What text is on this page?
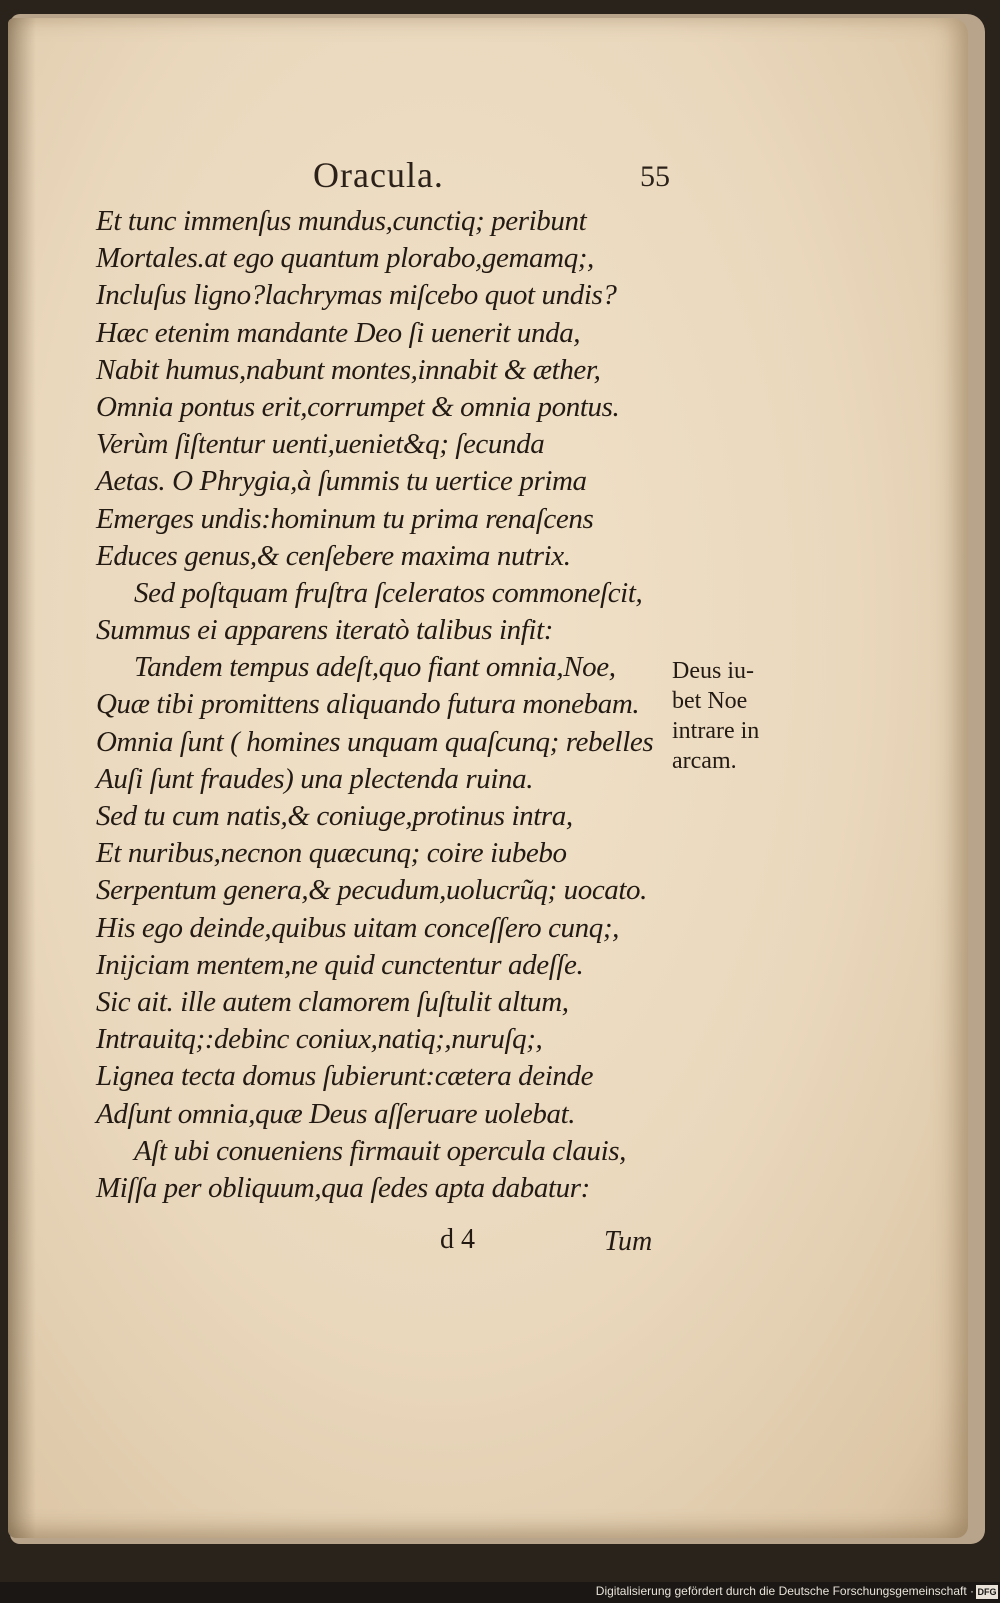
Oracula.	55
Et tunc immenſus mundus,cunctiq; peribunt
Mortales.at ego quantum plorabo,gemamq;,
Incluſus ligno?lachrymas miſcebo quot undis?
Hæc etenim mandante Deo ſi uenerit unda,
Nabit humus,nabunt montes,innabit & æther,
Omnia pontus erit,corrumpet & omnia pontus.
Verùm ſiſtentur uenti,ueniet&q; ſecunda
Aetas. O Phrygia,à ſummis tu uertice prima
Emerges undis:hominum tu prima renaſcens
Educes genus,& cenſebere maxima nutrix.
Sed poſtquam fruſtra ſceleratos commoneſcit,
Summus ei apparens iteratò talibus infit:
Tandem tempus adeſt,quo fiant omnia,Noe,
Quæ tibi promittens aliquando futura monebam.
Omnia ſunt ( homines unquam quaſcunq; rebelles
Auſi ſunt fraudes) una plectenda ruina.
Sed tu cum natis,& coniuge,protinus intra,
Et nuribus,necnon quæcunq; coire iubebo
Serpentum genera,& pecudum,uolucrũq; uocato.
His ego deinde,quibus uitam conceſſero cunq;,
Inijciam mentem,ne quid cunctentur adeſſe.
Sic ait. ille autem clamorem ſuſtulit altum,
Intrauitq;:debinc coniux,natiq;,nuruſq;,
Lignea tecta domus ſubierunt:cætera deinde
Adſunt omnia,quæ Deus aſſeruare uolebat.
Aſt ubi conueniens firmauit opercula clauis,
Miſſa per obliquum,qua ſedes apta dabatur:
Deus iu-
bet Noe
intrare in
arcam.
d 4	Tum
Digitalisierung gefördert durch die Deutsche Forschungsgemeinschaft · DFG
